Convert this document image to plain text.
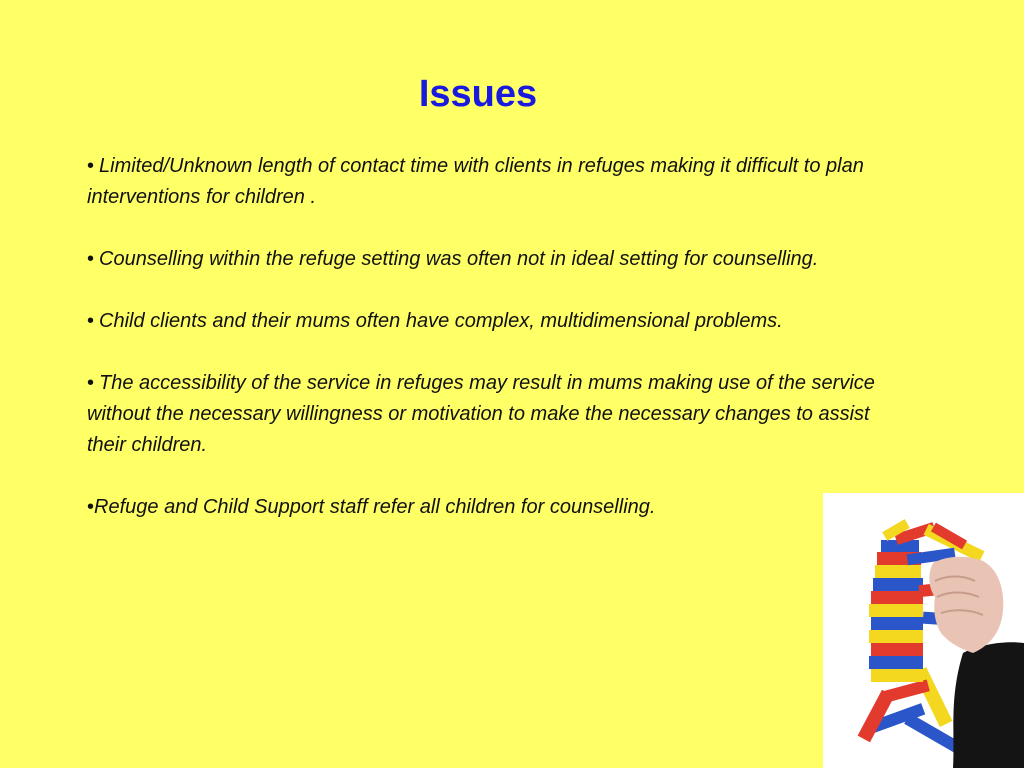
Issues
• Limited/Unknown length of contact time with clients in refuges making it difficult to plan interventions for children .
• Counselling within the refuge setting was often not in ideal setting for counselling.
• Child clients and their mums often have complex, multidimensional problems.
• The accessibility of the service in refuges may result in mums making use of the service without the necessary willingness or motivation to make the necessary changes to assist their children.
•Refuge and Child Support staff refer all children for counselling.
